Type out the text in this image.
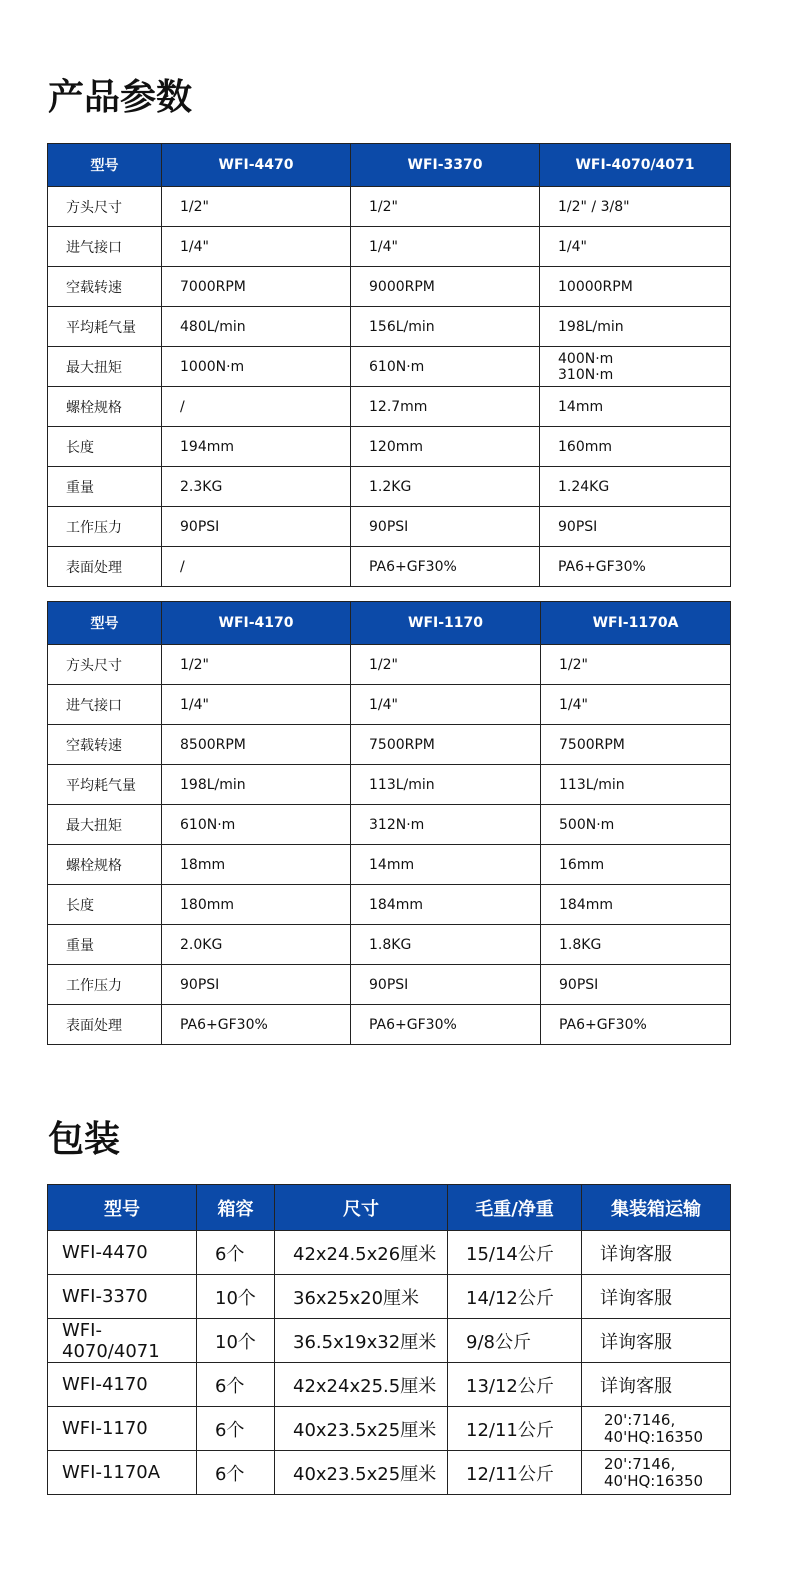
产品参数
型号	WFI-4470	WFI-3370	WFI-4070/4071
方头尺寸	1/2"	1/2"	1/2" / 3/8"
进气接口	1/4"	1/4"	1/4"
空载转速	7000RPM	9000RPM	10000RPM
平均耗气量	480L/min	156L/min	198L/min
最大扭矩	1000N·m	610N·m	400N·m
310N·m
螺栓规格	/	12.7mm	14mm
长度	194mm	120mm	160mm
重量	2.3KG	1.2KG	1.24KG
工作压力	90PSI	90PSI	90PSI
表面处理	/	PA6+GF30%	PA6+GF30%
型号	WFI-4170	WFI-1170	WFI-1170A
方头尺寸	1/2"	1/2"	1/2"
进气接口	1/4"	1/4"	1/4"
空载转速	8500RPM	7500RPM	7500RPM
平均耗气量	198L/min	113L/min	113L/min
最大扭矩	610N·m	312N·m	500N·m
螺栓规格	18mm	14mm	16mm
长度	180mm	184mm	184mm
重量	2.0KG	1.8KG	1.8KG
工作压力	90PSI	90PSI	90PSI
表面处理	PA6+GF30%	PA6+GF30%	PA6+GF30%
包装
型号	箱容	尺寸	毛重/净重	集装箱运输
WFI-4470	6个	42x24.5x26厘米	15/14公斤	详询客服
WFI-3370	10个	36x25x20厘米	14/12公斤	详询客服
WFI-4070/4071	10个	36.5x19x32厘米	9/8公斤	详询客服
WFI-4170	6个	42x24x25.5厘米	13/12公斤	详询客服
WFI-1170	6个	40x23.5x25厘米	12/11公斤	20':7146,
40'HQ:16350
WFI-1170A	6个	40x23.5x25厘米	12/11公斤	20':7146,
40'HQ:16350
